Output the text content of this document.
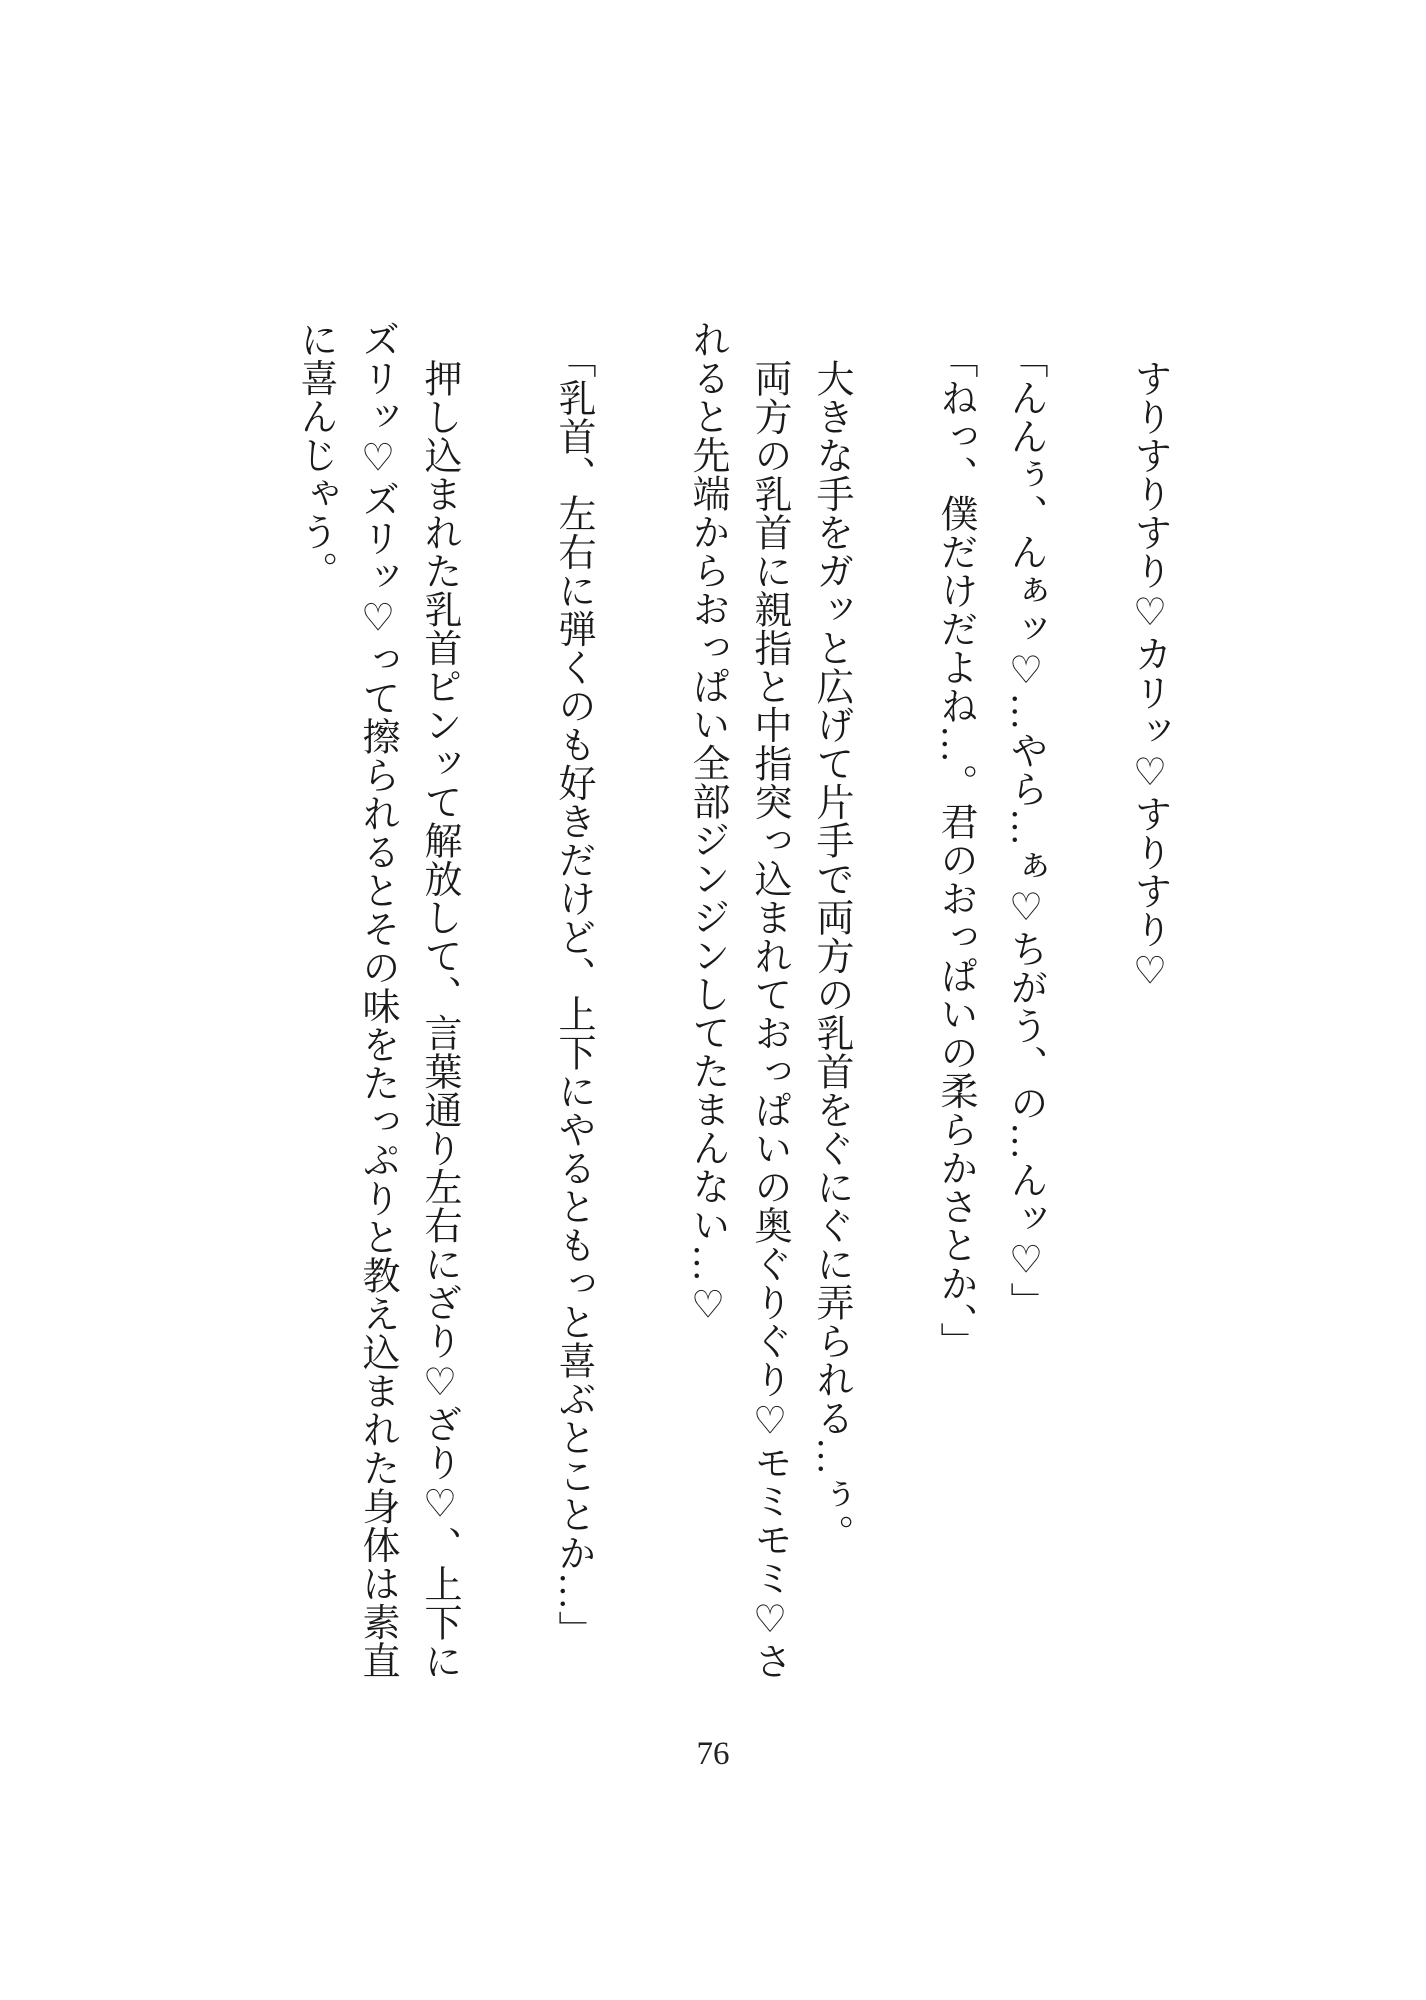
すりすりすり♡カリッ♡すりすり♡

「んんぅ、んぁッ♡…やら…ぁ♡ちがう、の…んッ♡」

「ねっ、僕だけだよね…。君のおっぱいの柔らかさとか、」

大きな手をガッと広げて片手で両方の乳首をぐにぐに弄られる…ぅ。

両方の乳首に親指と中指突っ込まれておっぱいの奥ぐりぐり♡モミモミ♡さ
れると先端からおっぱい全部ジンジンしてたまんない…♡

「乳首、左右に弾くのも好きだけど、上下にやるともっと喜ぶとことか…」

押し込まれた乳首ピンッて解放して、言葉通り左右にざり♡ざり♡、上下に
ズリッ♡ズリッ♡って擦られるとその味をたっぷりと教え込まれた身体は素直
に喜んじゃう。

76
